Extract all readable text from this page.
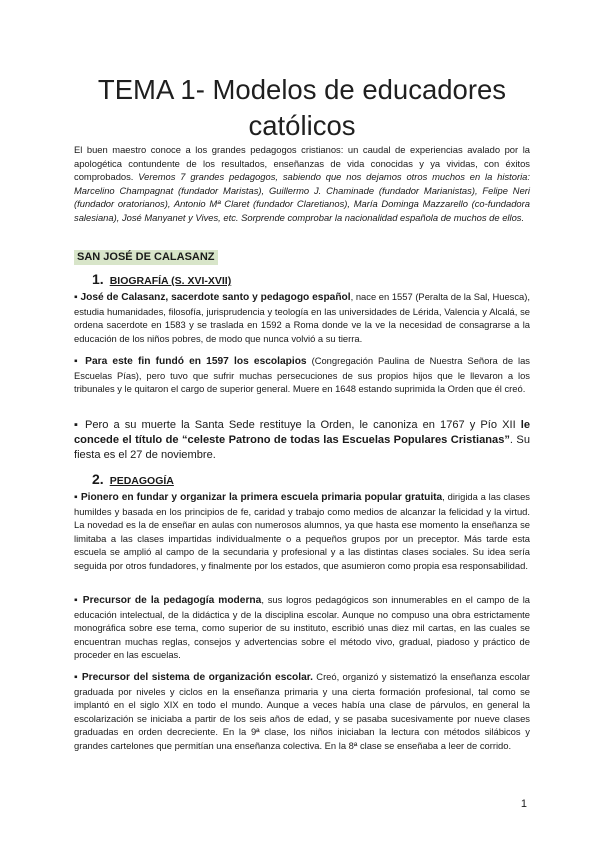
TEMA 1- Modelos de educadores
católicos

El buen maestro conoce a los grandes pedagogos cristianos: un caudal de experiencias avalado por la apologética contundente de los resultados, enseñanzas de vida conocidas y ya vividas, con éxitos comprobados. Veremos 7 grandes pedagogos, sabiendo que nos dejamos otros muchos en la historia: Marcelino Champagnat (fundador Maristas), Guillermo J. Chaminade (fundador Marianistas), Felipe Neri (fundador oratorianos), Antonio Mª Claret (fundador Claretianos), María Dominga Mazzarello (co-fundadora salesiana), José Manyanet y Vives, etc. Sorprende comprobar la nacionalidad española de muchos de ellos.

SAN JOSÉ DE CALASANZ
1. BIOGRAFÍA (S. XVI-XVII)

▪ José de Calasanz, sacerdote santo y pedagogo español, nace en 1557 (Peralta de la Sal, Huesca), estudia humanidades, filosofía, jurisprudencia y teología en las universidades de Lérida, Valencia y Alcalá, se ordena sacerdote en 1583 y se traslada en 1592 a Roma donde ve la ve la necesidad de consagrarse a la educación de los niños pobres, de modo que nunca volvió a su tierra.

▪ Para este fin fundó en 1597 los escolapios (Congregación Paulina de Nuestra Señora de las Escuelas Pías), pero tuvo que sufrir muchas persecuciones de sus propios hijos que le llevaron a los tribunales y le quitaron el cargo de superior general. Muere en 1648 estando suprimida la Orden que él creó.

▪ Pero a su muerte la Santa Sede restituye la Orden, le canoniza en 1767 y Pío XII le concede el título de “celeste Patrono de todas las Escuelas Populares Cristianas”. Su fiesta es el 27 de noviembre.

2. PEDAGOGÍA

▪ Pionero en fundar y organizar la primera escuela primaria popular gratuita, dirigida a las clases humildes y basada en los principios de fe, caridad y trabajo como medios de alcanzar la felicidad y la virtud. La novedad es la de enseñar en aulas con numerosos alumnos, ya que hasta ese momento la enseñanza se limitaba a las clases impartidas individualmente o a pequeños grupos por un preceptor. Más tarde esta escuela se amplió al campo de la secundaria y profesional y a las distintas clases sociales. Su idea sería seguida por otros fundadores, y finalmente por los estados, que asumieron como propia esa responsabilidad.

▪ Precursor de la pedagogía moderna, sus logros pedagógicos son innumerables en el campo de la educación intelectual, de la didáctica y de la disciplina escolar. Aunque no compuso una obra estrictamente monográfica sobre ese tema, como superior de su instituto, escribió unas diez mil cartas, en las cuales se encuentran muchas reglas, consejos y advertencias sobre el método vivo, gradual, piadoso y práctico de proceder en las escuelas.

▪ Precursor del sistema de organización escolar. Creó, organizó y sistematizó la enseñanza escolar graduada por niveles y ciclos en la enseñanza primaria y una cierta formación profesional, tal como se implantó en el siglo XIX en todo el mundo. Aunque a veces había una clase de párvulos, en general la escolarización se iniciaba a partir de los seis años de edad, y se pasaba sucesivamente por nueve clases graduadas en orden decreciente. En la 9ª clase, los niños iniciaban la lectura con métodos silábicos y grandes cartelones que permitían una enseñanza colectiva. En la 8ª clase se enseñaba a leer de corrido.

1
